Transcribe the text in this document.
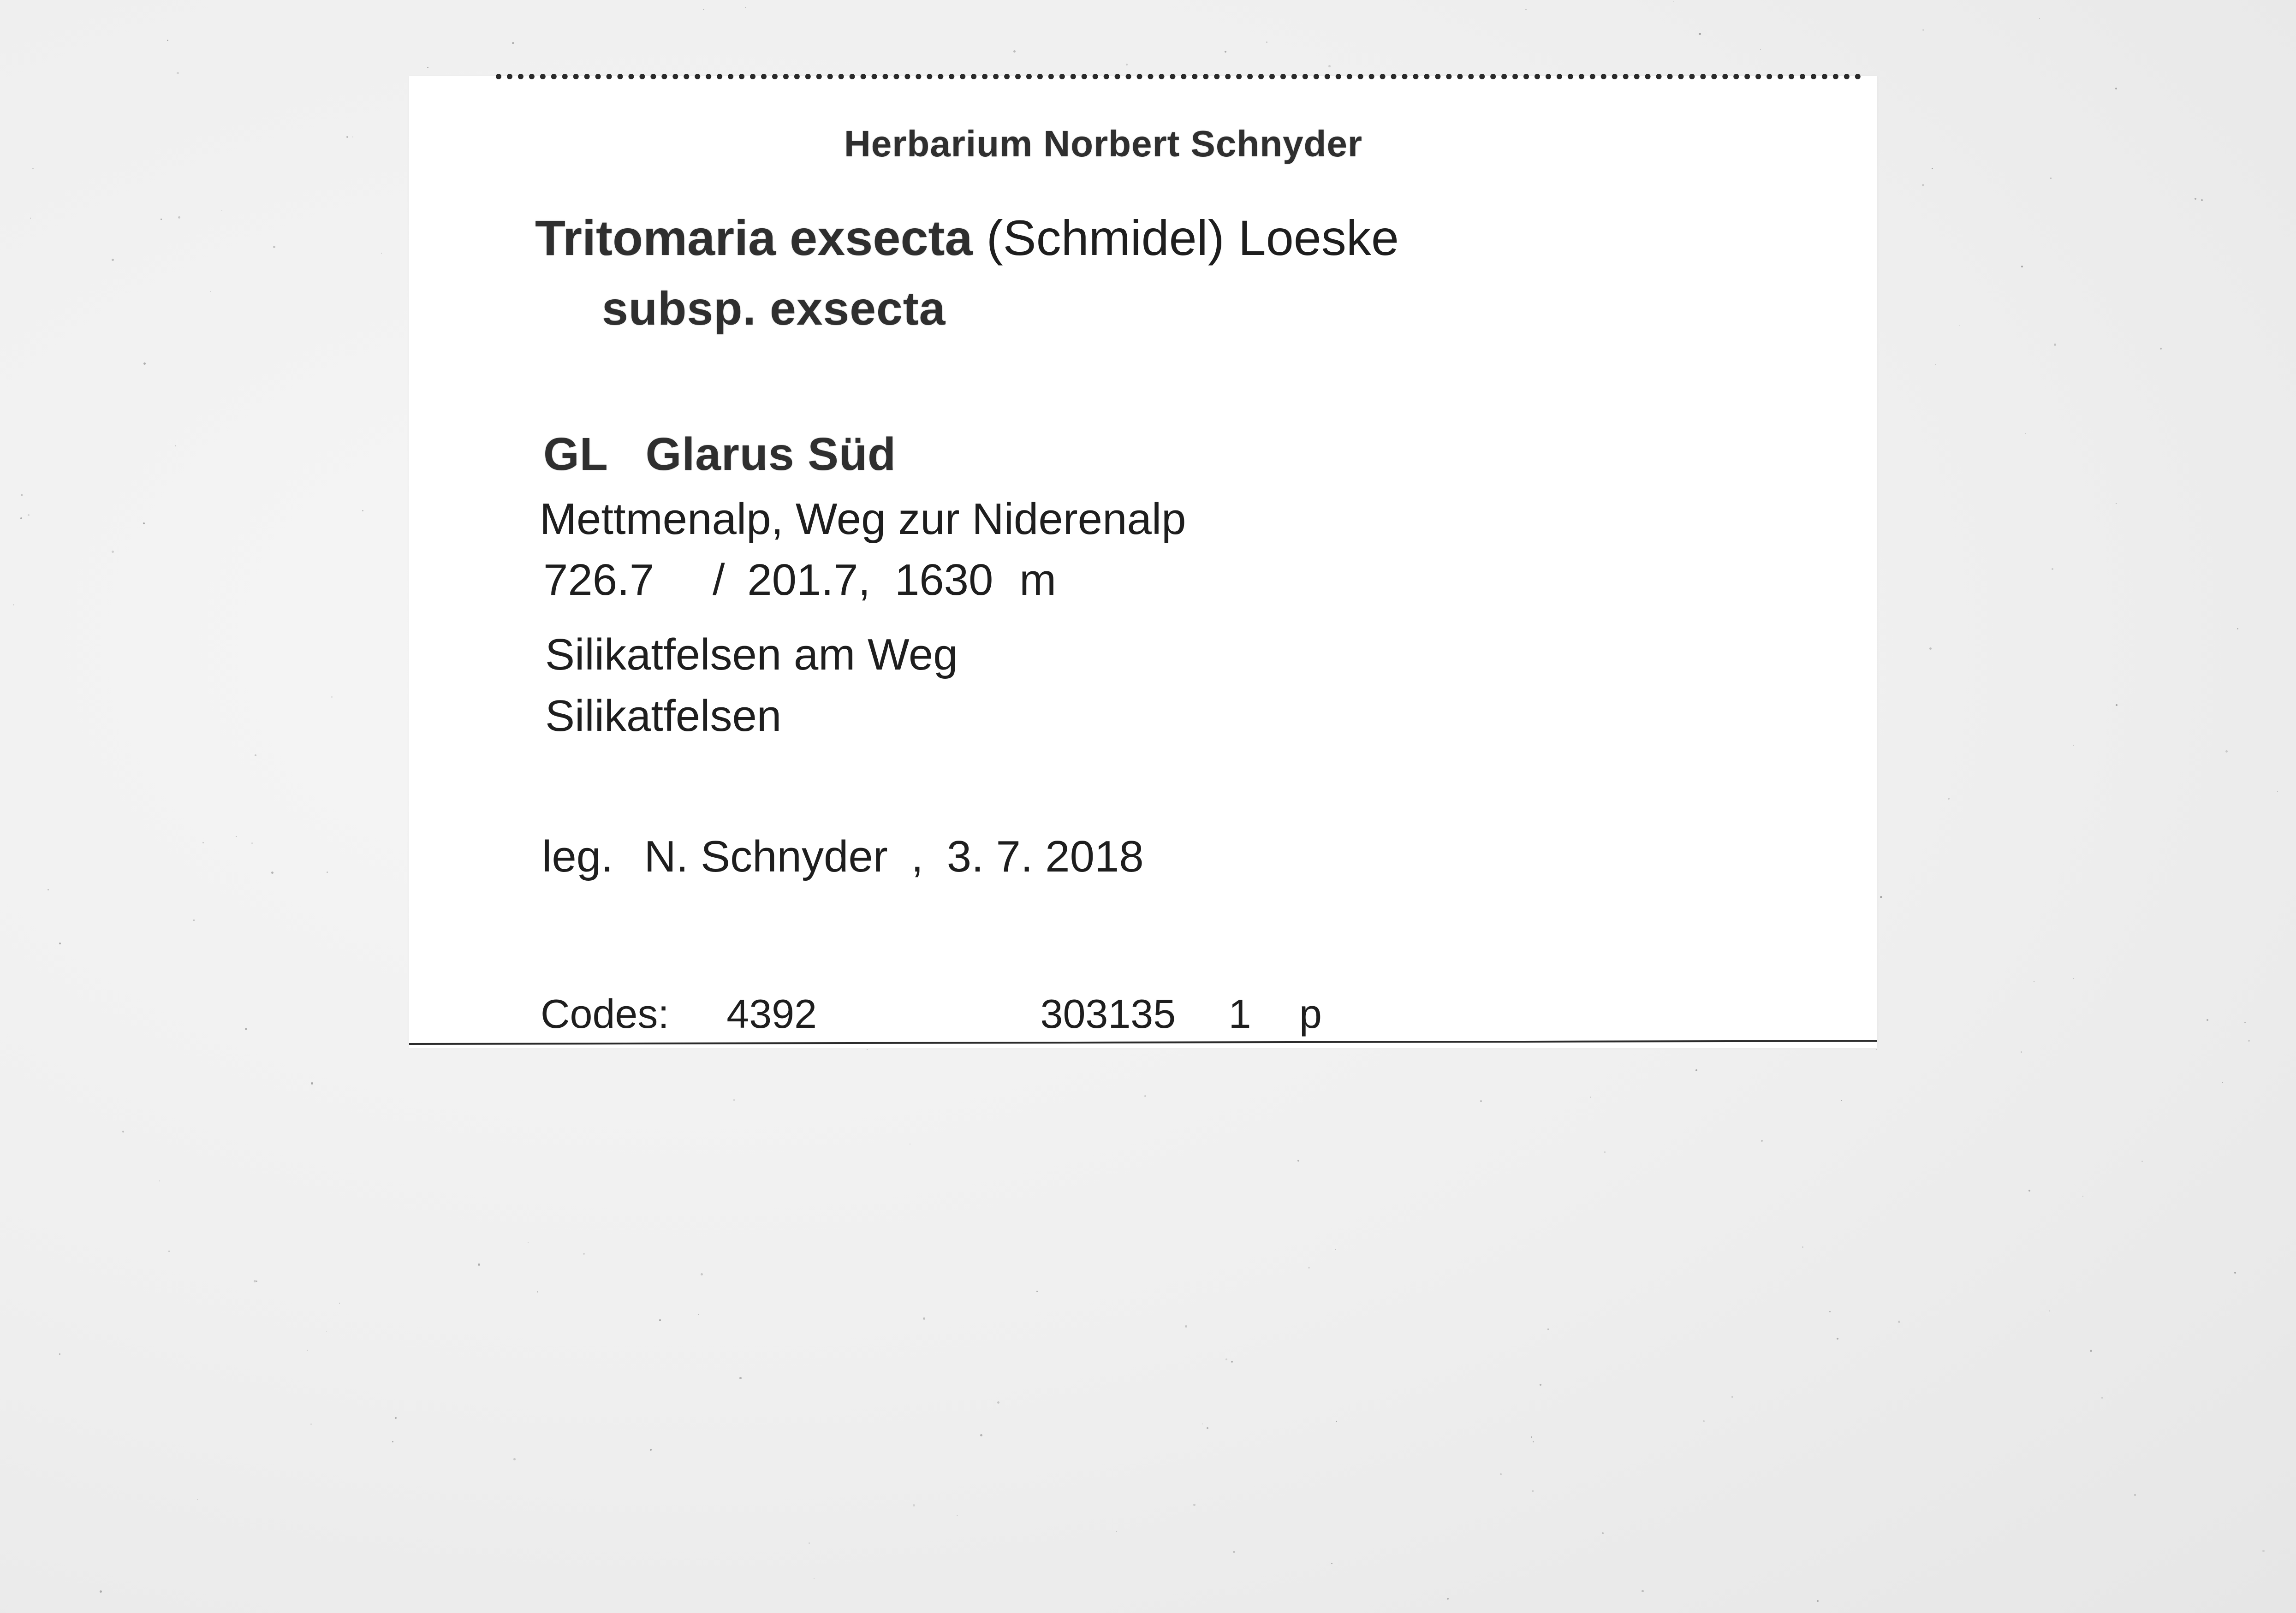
Herbarium Norbert Schnyder
Tritomaria exsecta (Schmidel) Loeske
subsp. exsecta
GL Glarus Süd
Mettmenalp, Weg zur Niderenalp
726.7 / 201.7, 1630 m
Silikatfelsen am Weg
Silikatfelsen
leg. N. Schnyder , 3. 7. 2018
Codes: 4392	303135 1 p
